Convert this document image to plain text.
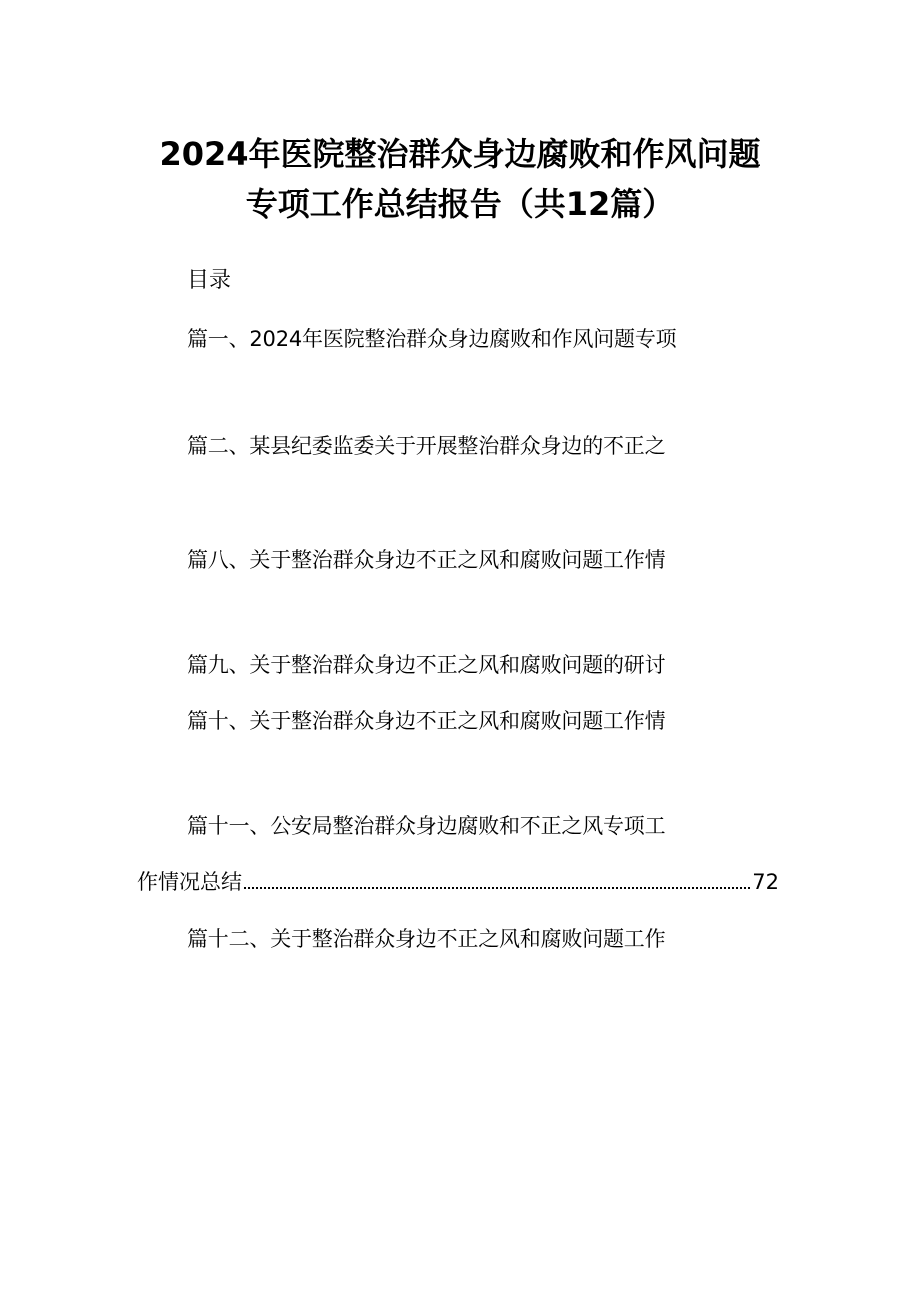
2024年医院整治群众身边腐败和作风问题
专项工作总结报告（共12篇）
目录
篇一、2024年医院整治群众身边腐败和作风问题专项
篇二、某县纪委监委关于开展整治群众身边的不正之
篇八、关于整治群众身边不正之风和腐败问题工作情
篇九、关于整治群众身边不正之风和腐败问题的研讨
篇十、关于整治群众身边不正之风和腐败问题工作情
篇十一、公安局整治群众身边腐败和不正之风专项工
作情况总结	72
篇十二、关于整治群众身边不正之风和腐败问题工作
